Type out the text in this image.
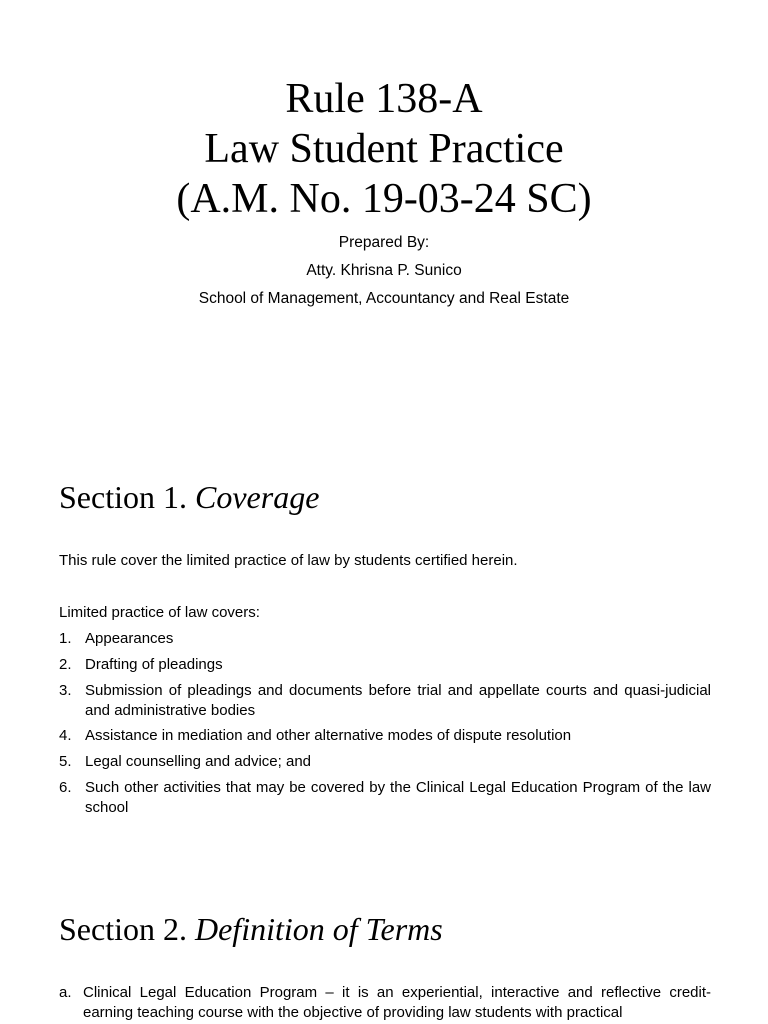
Rule 138-A
Law Student Practice
(A.M. No. 19-03-24 SC)
Prepared By:
Atty. Khrisna P. Sunico
School of Management, Accountancy and Real Estate
Section 1. Coverage
This rule cover the limited practice of law by students certified herein.
Limited practice of law covers:
1. Appearances
2. Drafting of pleadings
3. Submission of pleadings and documents before trial and appellate courts and quasi-judicial and administrative bodies
4. Assistance in mediation and other alternative modes of dispute resolution
5. Legal counselling and advice; and
6. Such other activities that may be covered by the Clinical Legal Education Program of the law school
Section 2. Definition of Terms
a. Clinical Legal Education Program – it is an experiential, interactive and reflective credit-earning teaching course with the objective of providing law students with practical
